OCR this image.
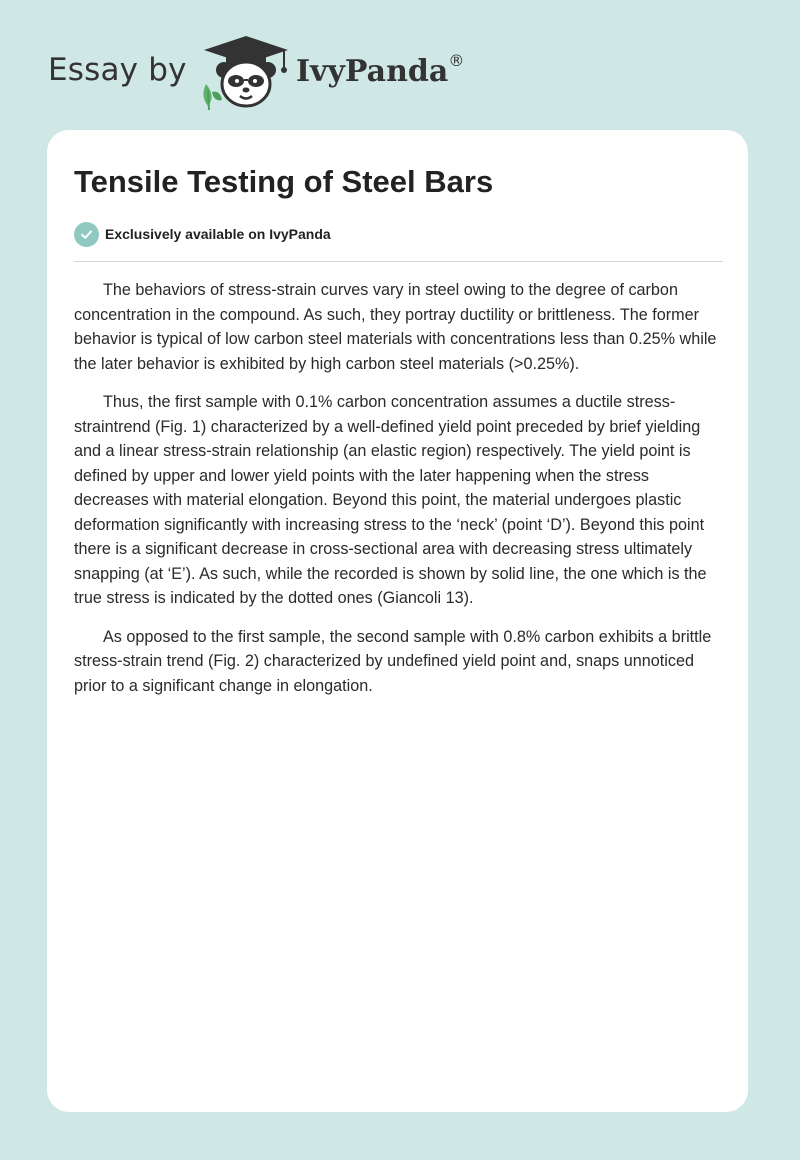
Essay by	IvyPanda®
Tensile Testing of Steel Bars
Exclusively available on IvyPanda

The behaviors of stress-strain curves vary in steel owing to the degree of carbon concentration in the compound. As such, they portray ductility or brittleness. The former behavior is typical of low carbon steel materials with concentrations less than 0.25% while the later behavior is exhibited by high carbon steel materials (>0.25%).

Thus, the first sample with 0.1% carbon concentration assumes a ductile stress-straintrend (Fig. 1) characterized by a well-defined yield point preceded by brief yielding and a linear stress-strain relationship (an elastic region) respectively. The yield point is defined by upper and lower yield points with the later happening when the stress decreases with material elongation. Beyond this point, the material undergoes plastic deformation significantly with increasing stress to the ‘neck’ (point ‘D’). Beyond this point there is a significant decrease in cross-sectional area with decreasing stress ultimately snapping (at ‘E’). As such, while the recorded is shown by solid line, the one which is the true stress is indicated by the dotted ones (Giancoli 13).

As opposed to the first sample, the second sample with 0.8% carbon exhibits a brittle stress-strain trend (Fig. 2) characterized by undefined yield point and, snaps unnoticed prior to a significant change in elongation.
